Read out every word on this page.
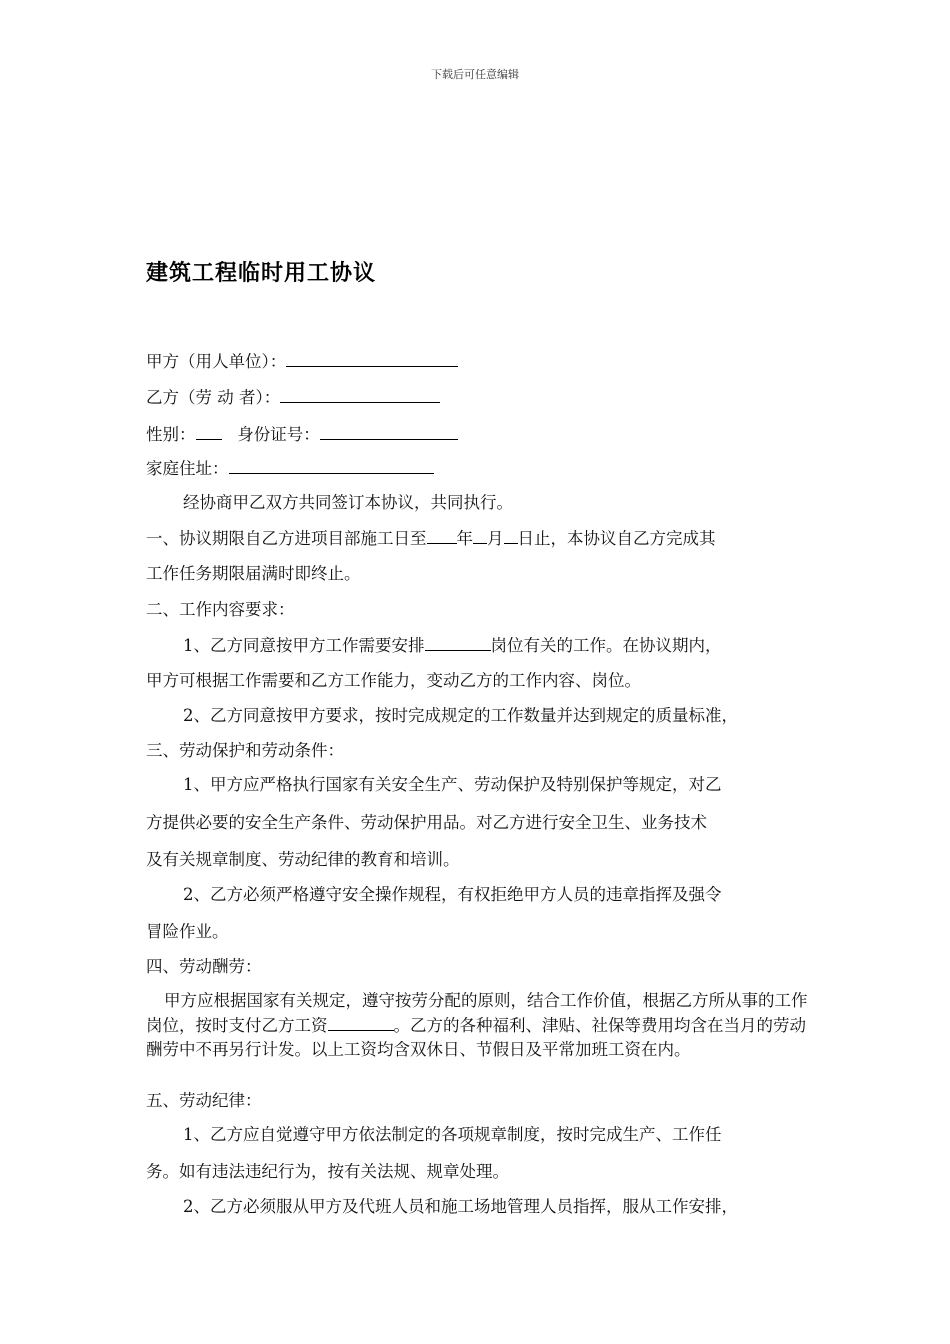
下载后可任意编辑
建筑工程临时用工协议
甲方（用人单位）：
乙方（劳 动 者）：
性别：	身份证号：
家庭住址：
经协商甲乙双方共同签订本协议，共同执行。
一、协议期限自乙方进项目部施工日至 年 月 日止，本协议自乙方完成其
工作任务期限届满时即终止。
二、工作内容要求：
1、乙方同意按甲方工作需要安排	岗位有关的工作。在协议期内，
甲方可根据工作需要和乙方工作能力，变动乙方的工作内容、岗位。
2、乙方同意按甲方要求，按时完成规定的工作数量并达到规定的质量标准，
三、劳动保护和劳动条件：
1、甲方应严格执行国家有关安全生产、劳动保护及特别保护等规定，对乙
方提供必要的安全生产条件、劳动保护用品。对乙方进行安全卫生、业务技术
及有关规章制度、劳动纪律的教育和培训。
2、乙方必须严格遵守安全操作规程，有权拒绝甲方人员的违章指挥及强令
冒险作业。
四、劳动酬劳：
甲方应根据国家有关规定，遵守按劳分配的原则，结合工作价值，根据乙方所从事的工作岗位，按时支付乙方工资	。乙方的各种福利、津贴、社保等费用均含在当月的劳动酬劳中不再另行计发。以上工资均含双休日、节假日及平常加班工资在内。
五、劳动纪律：
1、乙方应自觉遵守甲方依法制定的各项规章制度，按时完成生产、工作任
务。如有违法违纪行为，按有关法规、规章处理。
2、乙方必须服从甲方及代班人员和施工场地管理人员指挥，服从工作安排，
